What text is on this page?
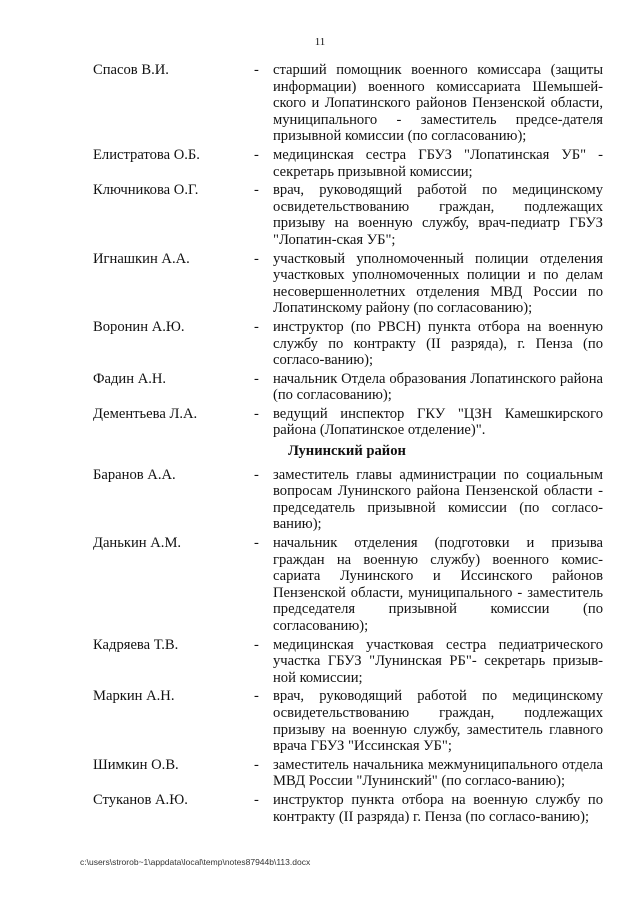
11
Спасов В.И.	- старший помощник военного комиссара (защиты информации) военного комиссариата Шемышей-ского и Лопатинского районов Пензенской области, муниципального - заместитель предсе-дателя призывной комиссии (по согласованию);
Елистратова О.Б.	- медицинская сестра ГБУЗ "Лопатинская УБ" - секретарь призывной комиссии;
Ключникова О.Г.	- врач, руководящий работой по медицинскому освидетельствованию граждан, подлежащих призыву на военную службу, врач-педиатр ГБУЗ "Лопатин-ская УБ";
Игнашкин А.А.	- участковый уполномоченный полиции отделения участковых уполномоченных полиции и по делам несовершеннолетних отделения МВД России по Лопатинскому району (по согласованию);
Воронин А.Ю.	- инструктор (по РВСН) пункта отбора на военную службу по контракту (II разряда), г. Пенза (по согласо-ванию);
Фадин А.Н.	- начальник Отдела образования Лопатинского района (по согласованию);
Дементьева Л.А.	- ведущий инспектор ГКУ "ЦЗН Камешкирского района (Лопатинское отделение)".
Лунинский район
Баранов А.А.	- заместитель главы администрации по социальным вопросам Лунинского района Пензенской области - председатель призывной комиссии (по согласо-ванию);
Данькин А.М.	- начальник отделения (подготовки и призыва граждан на военную службу) военного комис-сариата Лунинского и Иссинского районов Пензенской области, муниципального - заместитель председателя призывной комиссии (по согласованию);
Кадряева Т.В.	- медицинская участковая сестра педиатрического участка ГБУЗ "Лунинская РБ"- секретарь призыв-ной комиссии;
Маркин А.Н.	- врач, руководящий работой по медицинскому освидетельствованию граждан, подлежащих призыву на военную службу, заместитель главного врача ГБУЗ "Иссинская УБ";
Шимкин О.В.	- заместитель начальника межмуниципального отдела МВД России "Лунинский" (по согласо-ванию);
Стуканов А.Ю.	- инструктор пункта отбора на военную службу по контракту (II разряда) г. Пенза (по согласо-ванию);
c:\users\strorob~1\appdata\local\temp\notes87944b\113.docx
